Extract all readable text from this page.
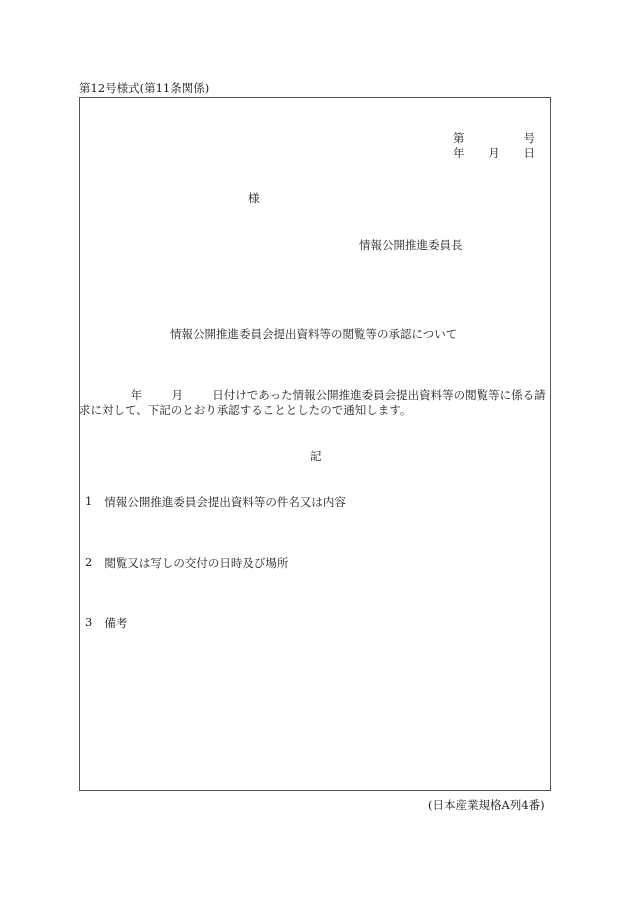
第12号様式(第11条関係)
第	号
年 月 日
様
情報公開推進委員長
情報公開推進委員会提出資料等の閲覧等の承認について
年	月	日付けであった情報公開推進委員会提出資料等の閲覧等に係る請
求に対して、下記のとおり承認することとしたので通知します。
記
1 情報公開推進委員会提出資料等の件名又は内容
2 閲覧又は写しの交付の日時及び場所
3 備考
(日本産業規格A列4番)
